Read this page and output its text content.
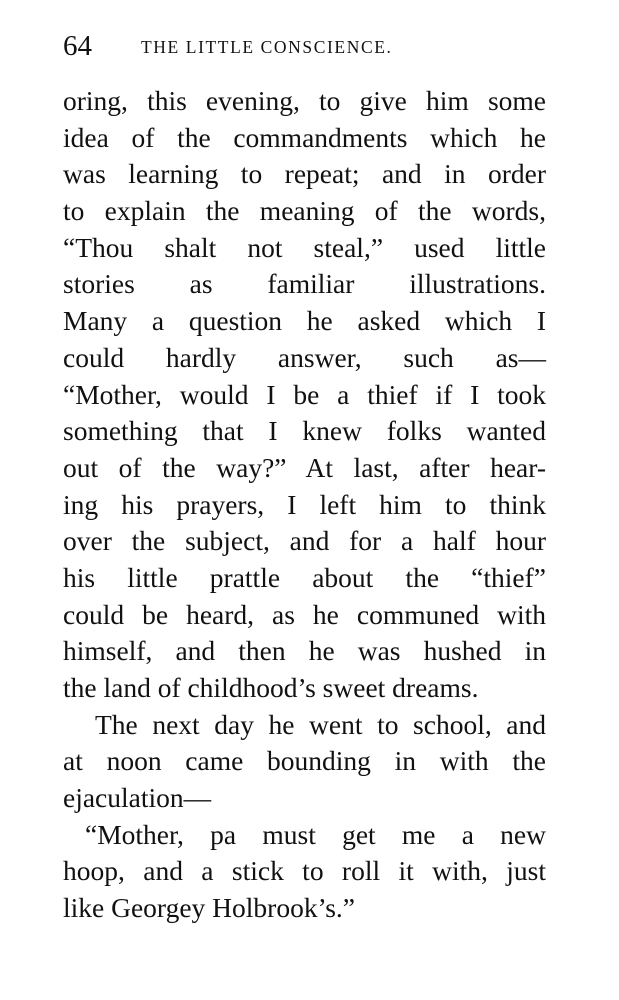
64	THE LITTLE CONSCIENCE.
oring, this evening, to give him some
idea of the commandments which he
was learning to repeat; and in order
to explain the meaning of the words,
“Thou shalt not steal,” used little
stories as familiar illustrations.
Many a question he asked which I
could hardly answer, such as—
“Mother, would I be a thief if I took
something that I knew folks wanted
out of the way?” At last, after hear-
ing his prayers, I left him to think
over the subject, and for a half hour
his little prattle about the “thief”
could be heard, as he communed with
himself, and then he was hushed in
the land of childhood’s sweet dreams.
The next day he went to school, and
at noon came bounding in with the
ejaculation—
“Mother, pa must get me a new
hoop, and a stick to roll it with, just
like Georgey Holbrook’s.”
